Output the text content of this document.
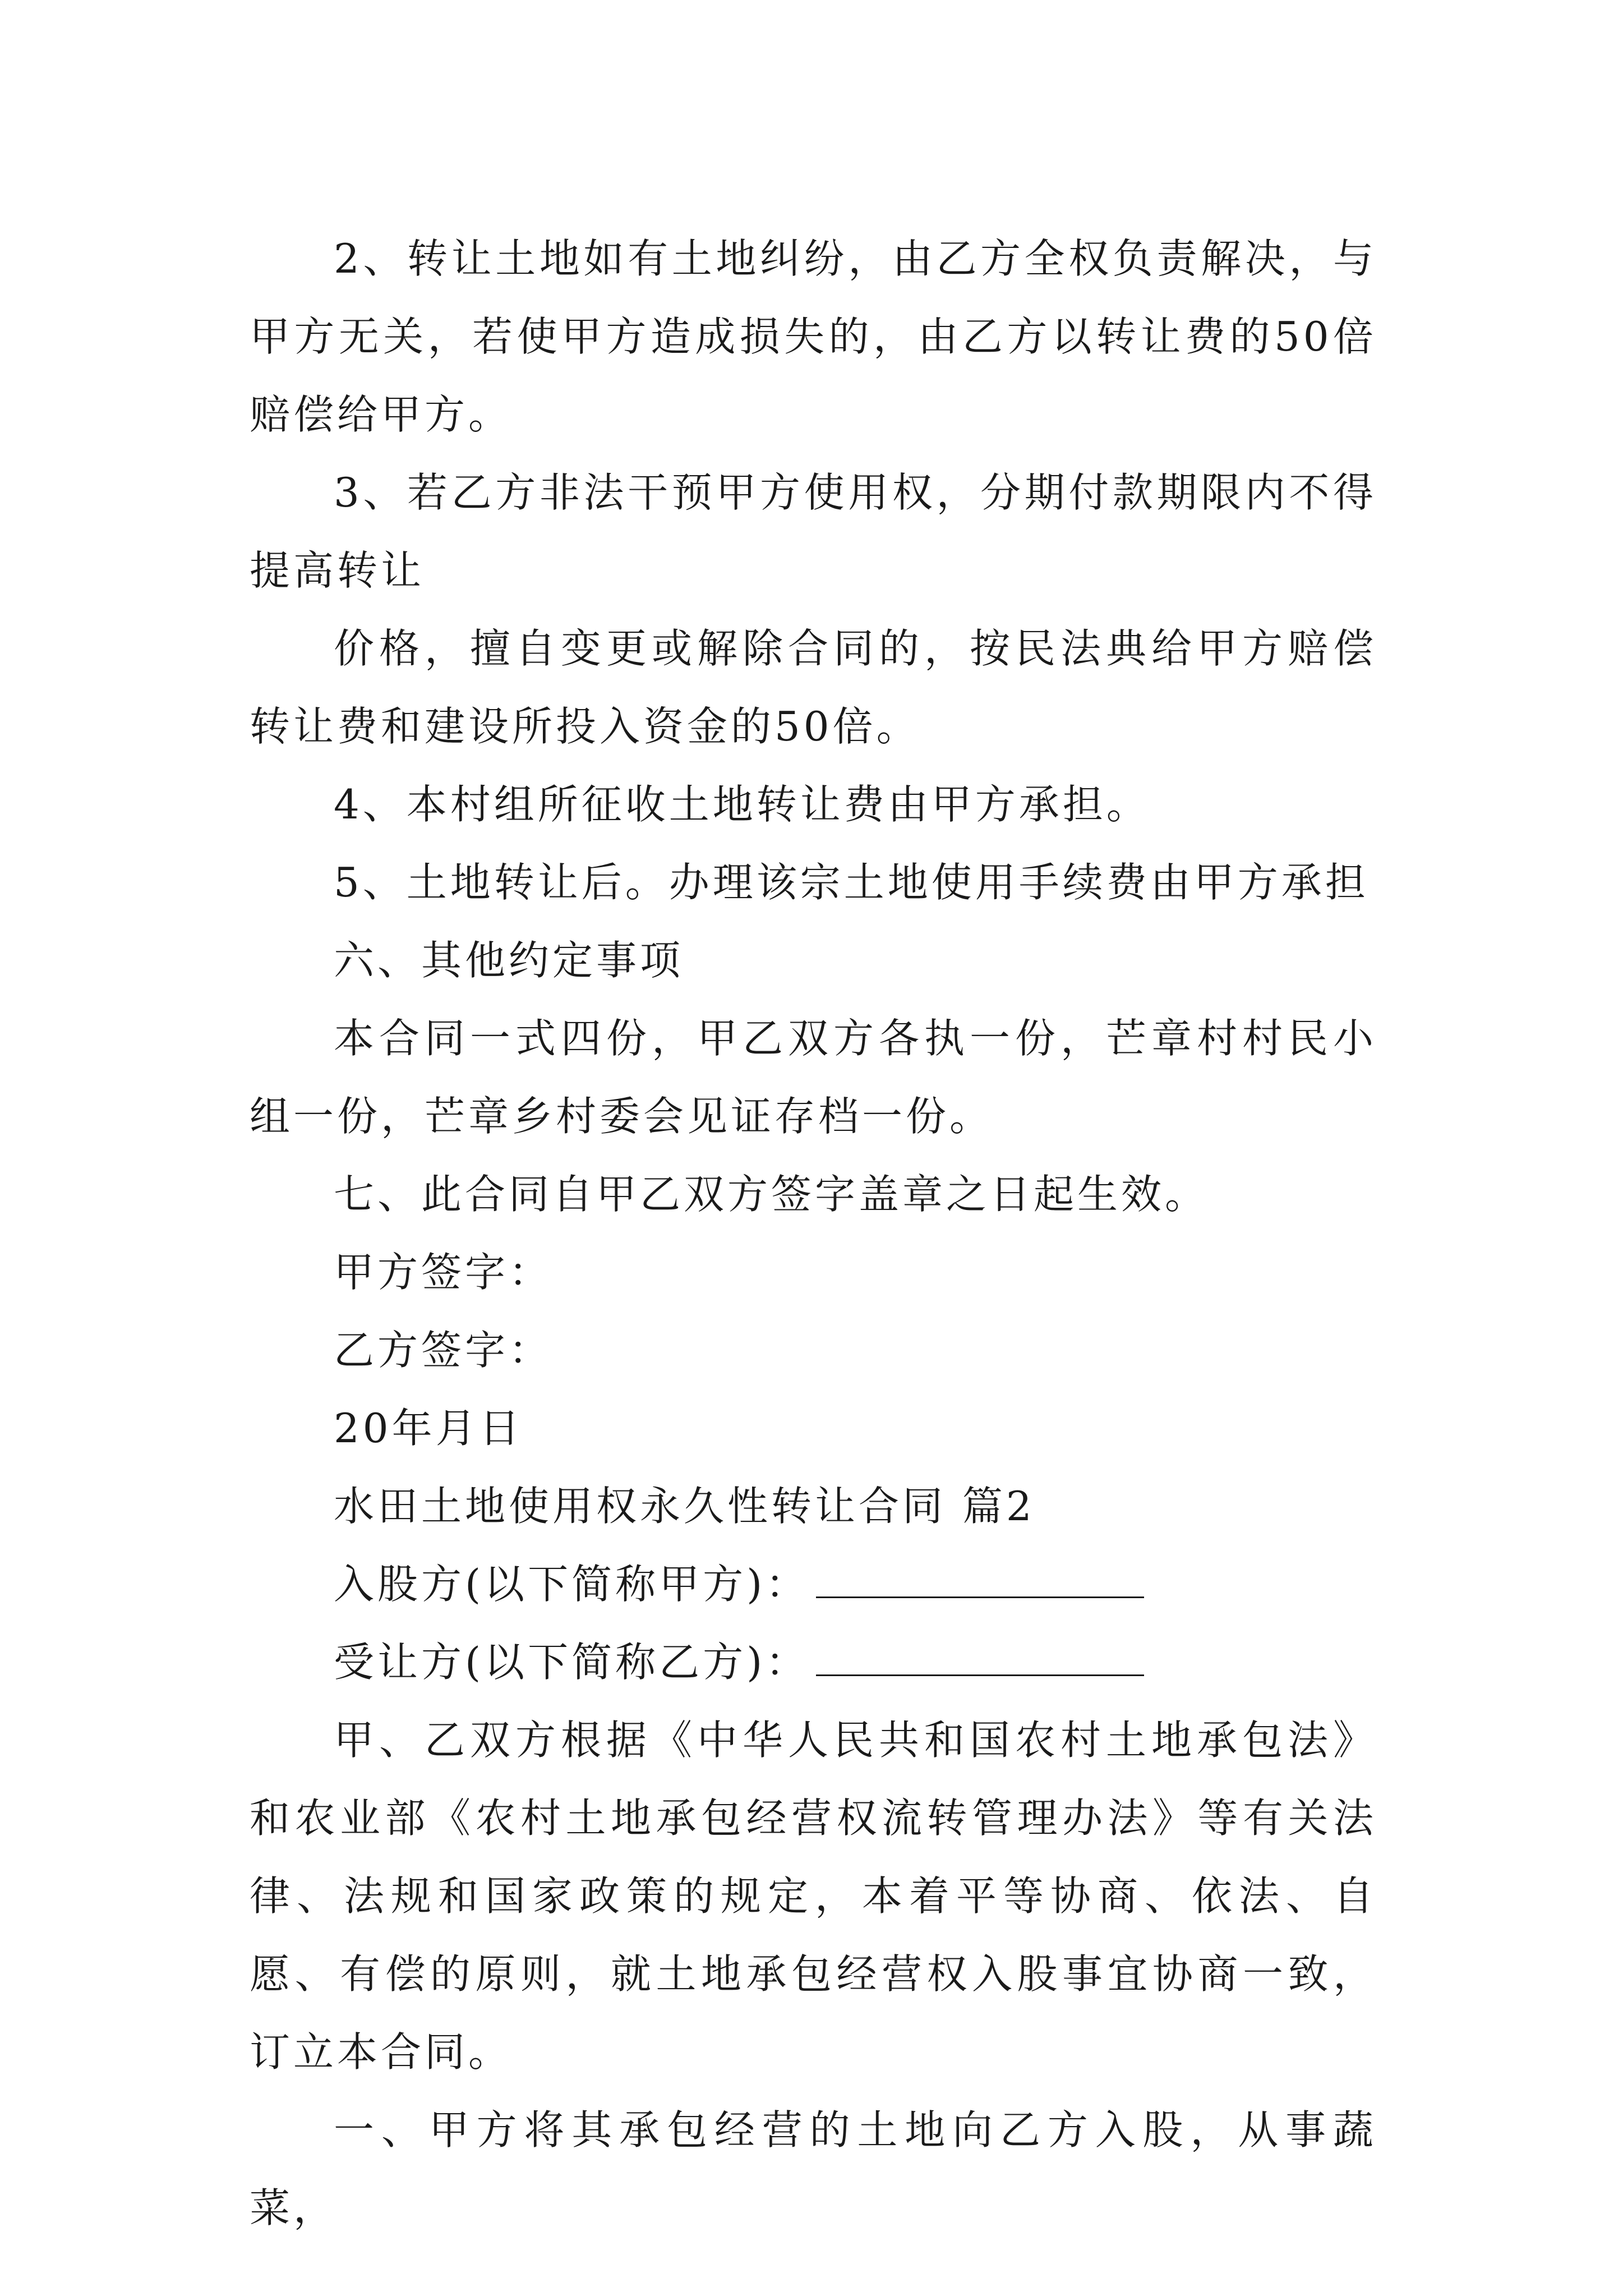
2、转让土地如有土地纠纷，由乙方全权负责解决，与甲方无关，若使甲方造成损失的，由乙方以转让费的50倍赔偿给甲方。

3、若乙方非法干预甲方使用权，分期付款期限内不得提高转让

价格，擅自变更或解除合同的，按民法典给甲方赔偿转让费和建设所投入资金的50倍。

4、本村组所征收土地转让费由甲方承担。

5、土地转让后。办理该宗土地使用手续费由甲方承担

六、其他约定事项

本合同一式四份，甲乙双方各执一份，芒章村村民小组一份，芒章乡村委会见证存档一份。

七、此合同自甲乙双方签字盖章之日起生效。

甲方签字：

乙方签字：

20年月日

水田土地使用权永久性转让合同 篇2

入股方(以下简称甲方)：

受让方(以下简称乙方)：

甲、乙双方根据《中华人民共和国农村土地承包法》和农业部《农村土地承包经营权流转管理办法》等有关法律、法规和国家政策的规定，本着平等协商、依法、自愿、有偿的原则，就土地承包经营权入股事宜协商一致，订立本合同。

一、甲方将其承包经营的土地向乙方入股，从事蔬菜，
